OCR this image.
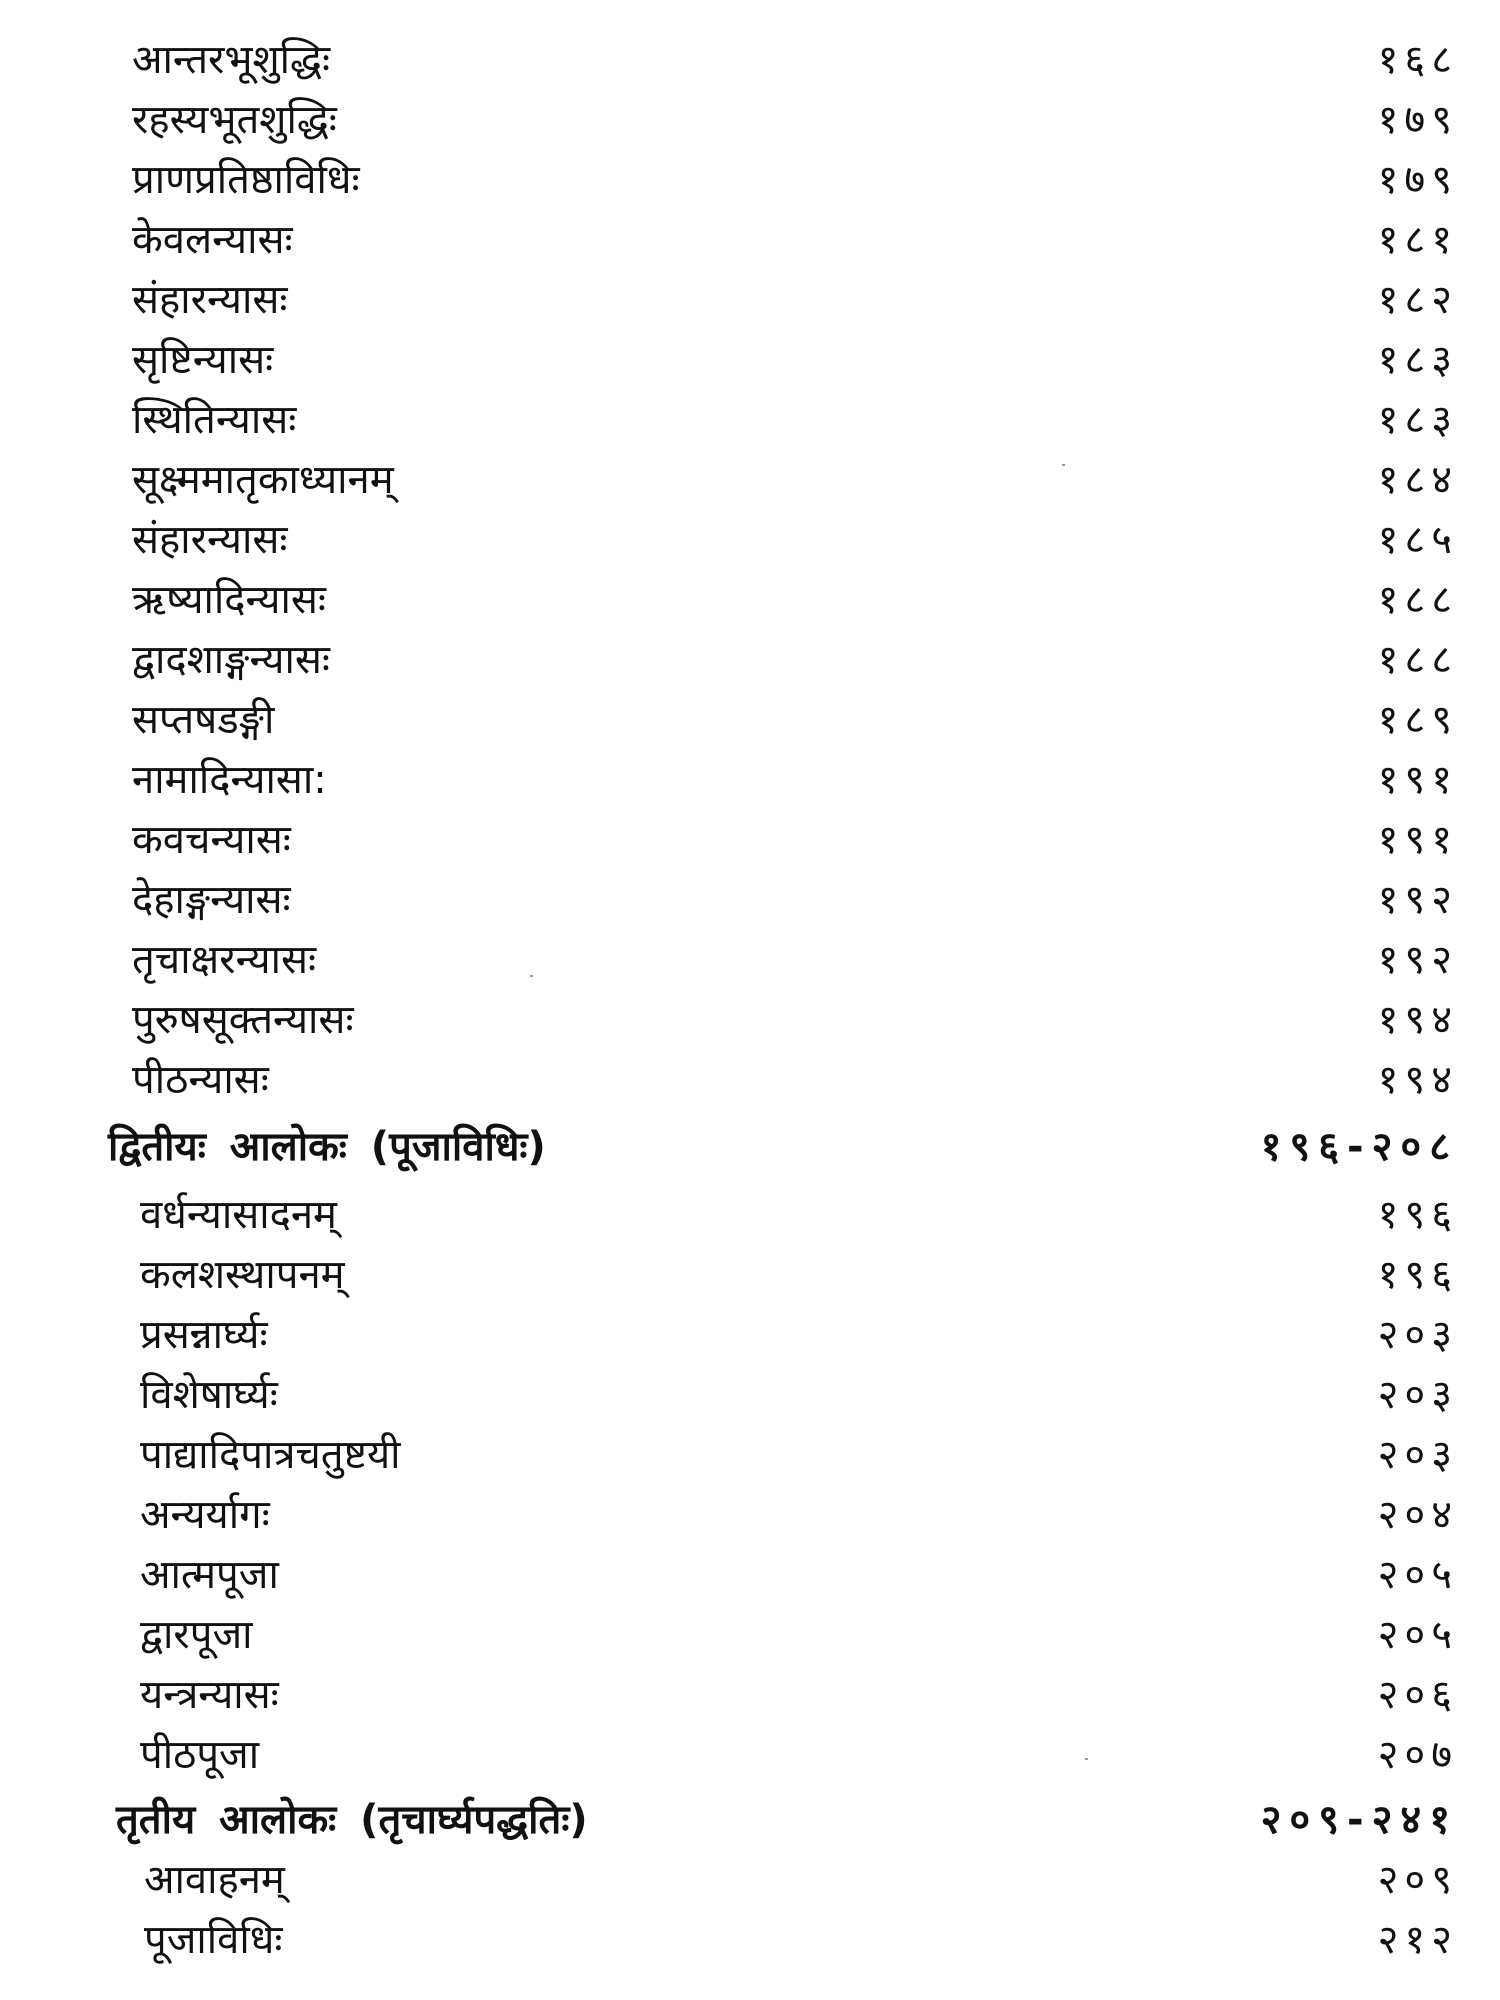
आन्तरभूशुद्धिः	१६८
रहस्यभूतशुद्धिः	१७९
प्राणप्रतिष्ठाविधिः	१७९
केवलन्यासः	१८१
संहारन्यासः	१८२
सृष्टिन्यासः	१८३
स्थितिन्यासः	१८३
सूक्ष्ममातृकाध्यानम्	१८४
संहारन्यासः	१८५
ऋष्यादिन्यासः	१८८
द्वादशाङ्गन्यासः	१८८
सप्तषडङ्गी	१८९
नामादिन्यासा:	१९१
कवचन्यासः	१९१
देहाङ्गन्यासः	१९२
तृचाक्षरन्यासः	१९२
पुरुषसूक्तन्यासः	१९४
पीठन्यासः	१९४
द्वितीयः आलोकः (पूजाविधिः)	१९६-२०८
वर्धन्यासादनम्	१९६
कलशस्थापनम्	१९६
प्रसन्नार्घ्यः	२०३
विशेषार्घ्यः	२०३
पाद्यादिपात्रचतुष्टयी	२०३
अन्यर्यागः	२०४
आत्मपूजा	२०५
द्वारपूजा	२०५
यन्त्रन्यासः	२०६
पीठपूजा	२०७
तृतीय आलोकः (तृचार्घ्यपद्धतिः)	२०९-२४१
आवाहनम्	२०९
पूजाविधिः	२१२
